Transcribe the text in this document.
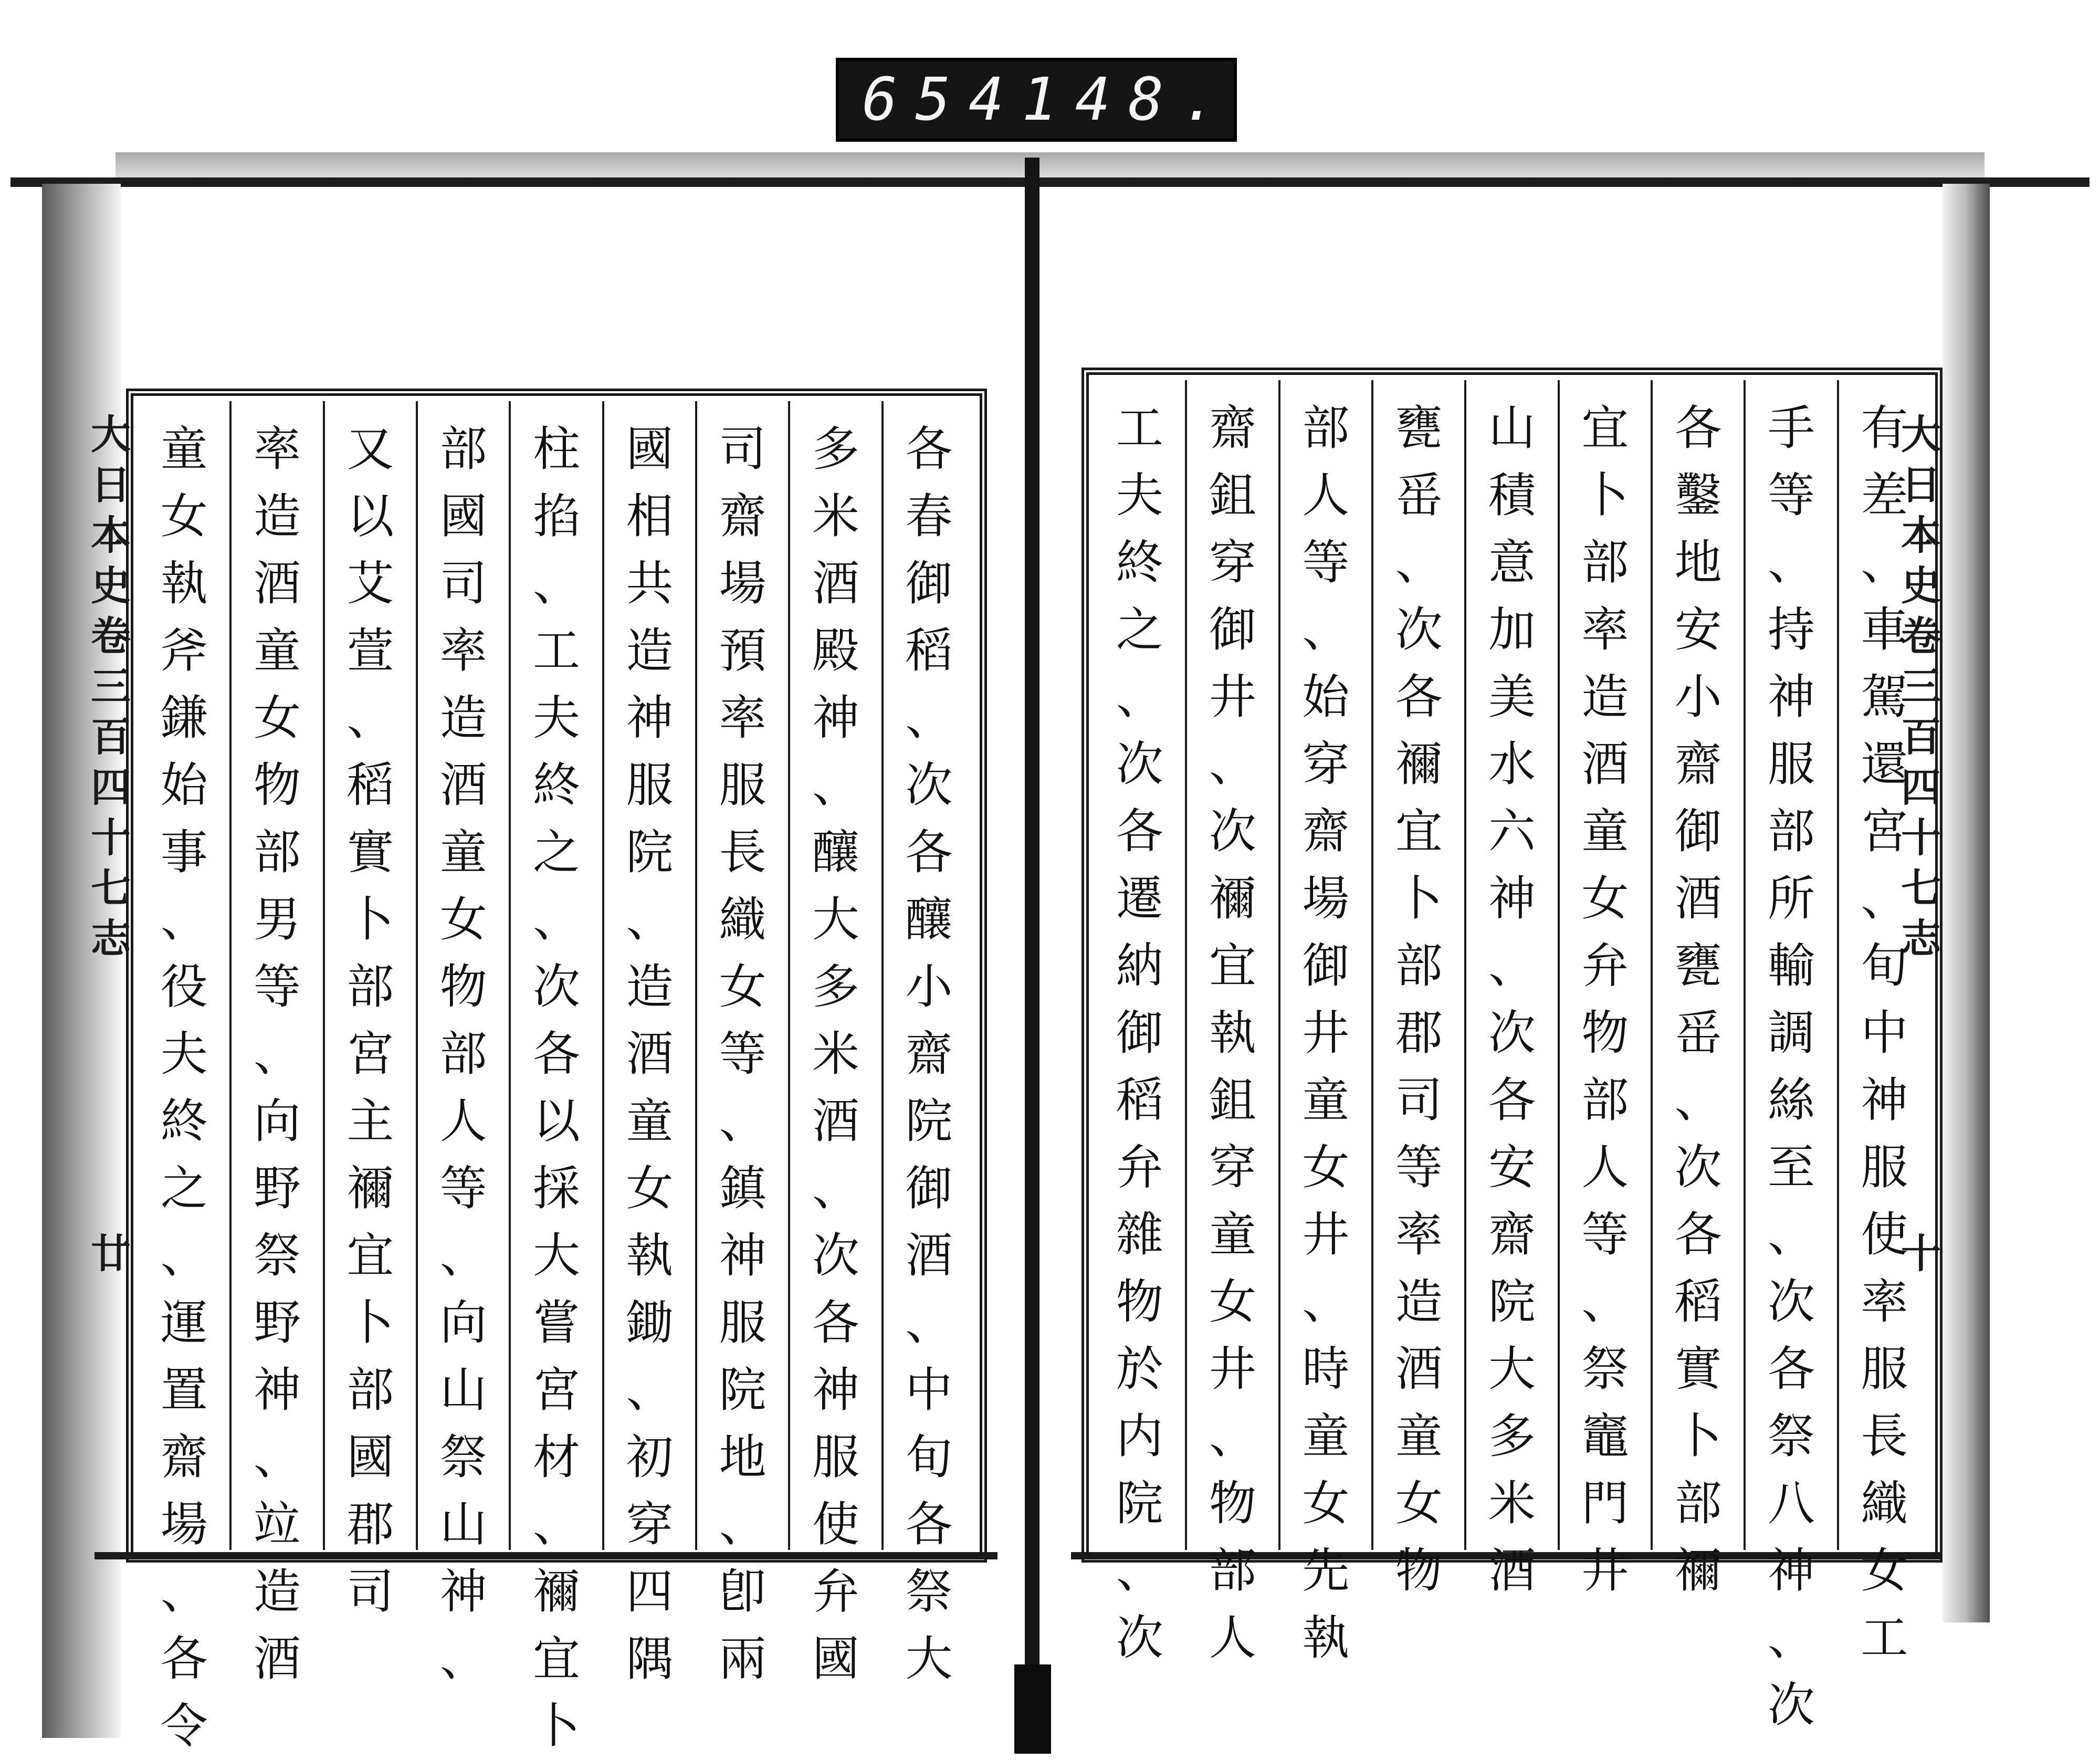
654 148.
大
日
本
史
卷
三
百
四
十
七
志
廿
大
日
本
史
卷
三
百
四
十
七
志
十
各
春
御
稻
、
次
各
釀
小
齋
院
御
酒
、
中
旬
各
祭
大
多
米
酒
殿
神
、
釀
大
多
米
酒
、
次
各
神
服
使
弁
國
司
齋
場
預
率
服
長
織
女
等
、
鎮
神
服
院
地
、
卽
兩
國
相
共
造
神
服
院
、
造
酒
童
女
執
鋤
、
初
穿
四
隅
柱
掐
、
工
夫
終
之
、
次
各
以
採
大
嘗
宮
材
、
禰
宜
卜
部
國
司
率
造
酒
童
女
物
部
人
等
、
向
山
祭
山
神
、
又
以
艾
萱
、
稻
實
卜
部
宮
主
禰
宜
卜
部
國
郡
司
率
造
酒
童
女
物
部
男
等
、
向
野
祭
野
神
、
竝
造
酒
童
女
執
斧
鎌
始
事
、
役
夫
終
之
、
運
置
齋
場
、
各
令
有
差
、
車
駕
還
宮
、
旬
中
神
服
使
率
服
長
織
女
工
手
等
、
持
神
服
部
所
輸
調
絲
至
、
次
各
祭
八
神
、
次
各
鑿
地
安
小
齋
御
酒
甕
䍃
、
次
各
稻
實
卜
部
禰
宜
卜
部
率
造
酒
童
女
弁
物
部
人
等
、
祭
竈
門
井
山
積
意
加
美
水
六
神
、
次
各
安
齋
院
大
多
米
酒
甕
䍃
、
次
各
禰
宜
卜
部
郡
司
等
率
造
酒
童
女
物
部
人
等
、
始
穿
齋
場
御
井
童
女
井
、
時
童
女
先
執
齋
鉏
穿
御
井
、
次
禰
宜
執
鉏
穿
童
女
井
、
物
部
人
工
夫
終
之
、
次
各
遷
納
御
稻
弁
雜
物
於
内
院
、
次
